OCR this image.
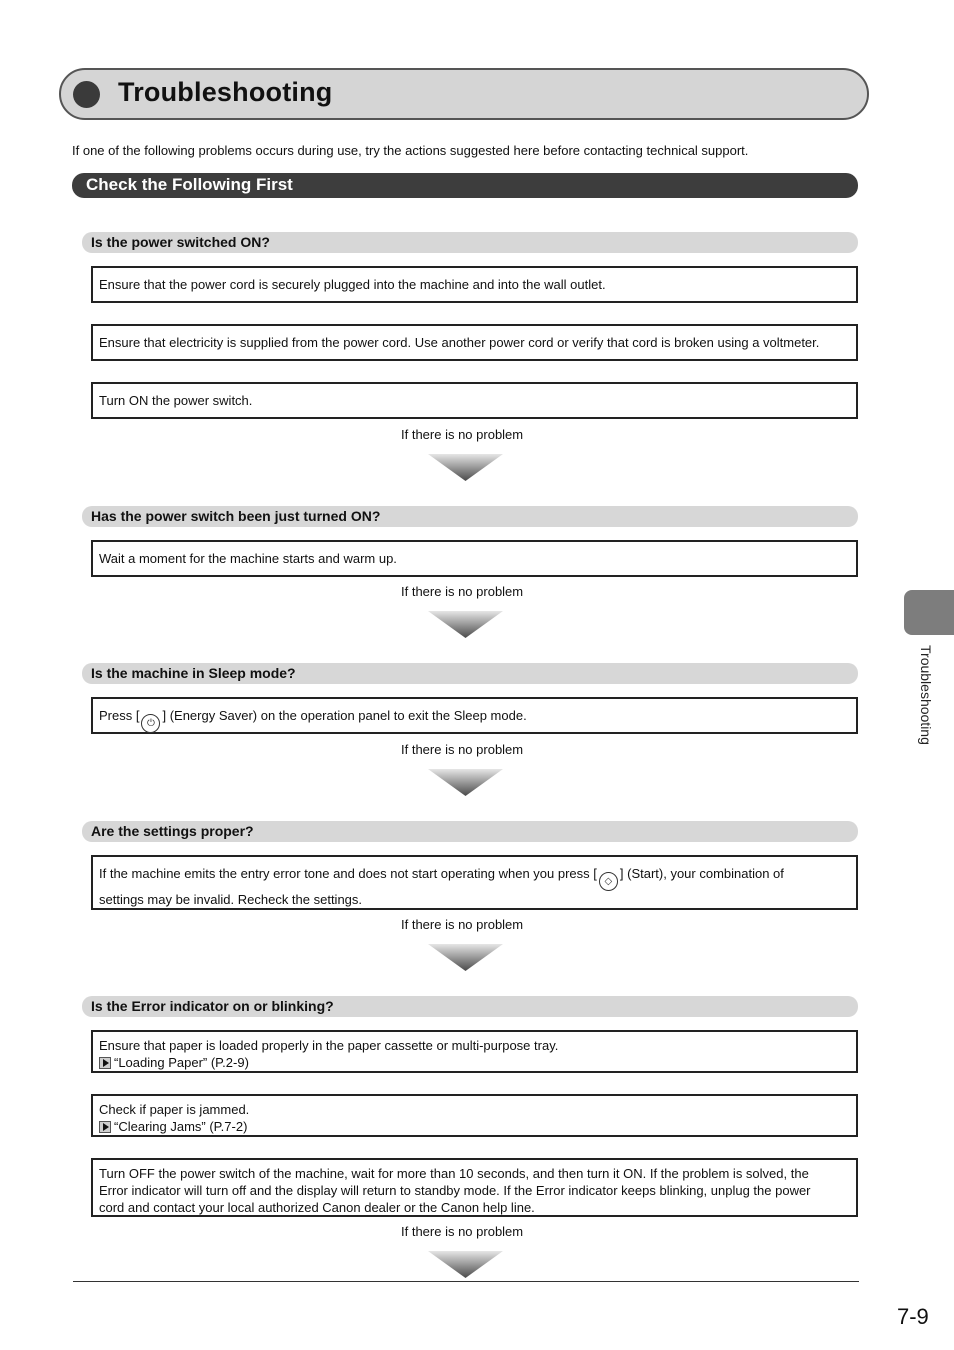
Troubleshooting
If one of the following problems occurs during use, try the actions suggested here before contacting technical support.
Check the Following First
Is the power switched ON?
Ensure that the power cord is securely plugged into the machine and into the wall outlet.
Ensure that electricity is supplied from the power cord. Use another power cord or verify that cord is broken using a voltmeter.
Turn ON the power switch.
If there is no problem
Has the power switch been just turned ON?
Wait a moment for the machine starts and warm up.
If there is no problem
Is the machine in Sleep mode?
Press [⏻] (Energy Saver) on the operation panel to exit the Sleep mode.
If there is no problem
Are the settings proper?
If the machine emits the entry error tone and does not start operating when you press [◇] (Start), your combination of
settings may be invalid. Recheck the settings.
If there is no problem
Is the Error indicator on or blinking?
Ensure that paper is loaded properly in the paper cassette or multi-purpose tray.
“Loading Paper” (P.2-9)
Check if paper is jammed.
“Clearing Jams” (P.7-2)
Turn OFF the power switch of the machine, wait for more than 10 seconds, and then turn it ON. If the problem is solved, the
Error indicator will turn off and the display will return to standby mode. If the Error indicator keeps blinking, unplug the power
cord and contact your local authorized Canon dealer or the Canon help line.
If there is no problem
Troubleshooting
7-9
